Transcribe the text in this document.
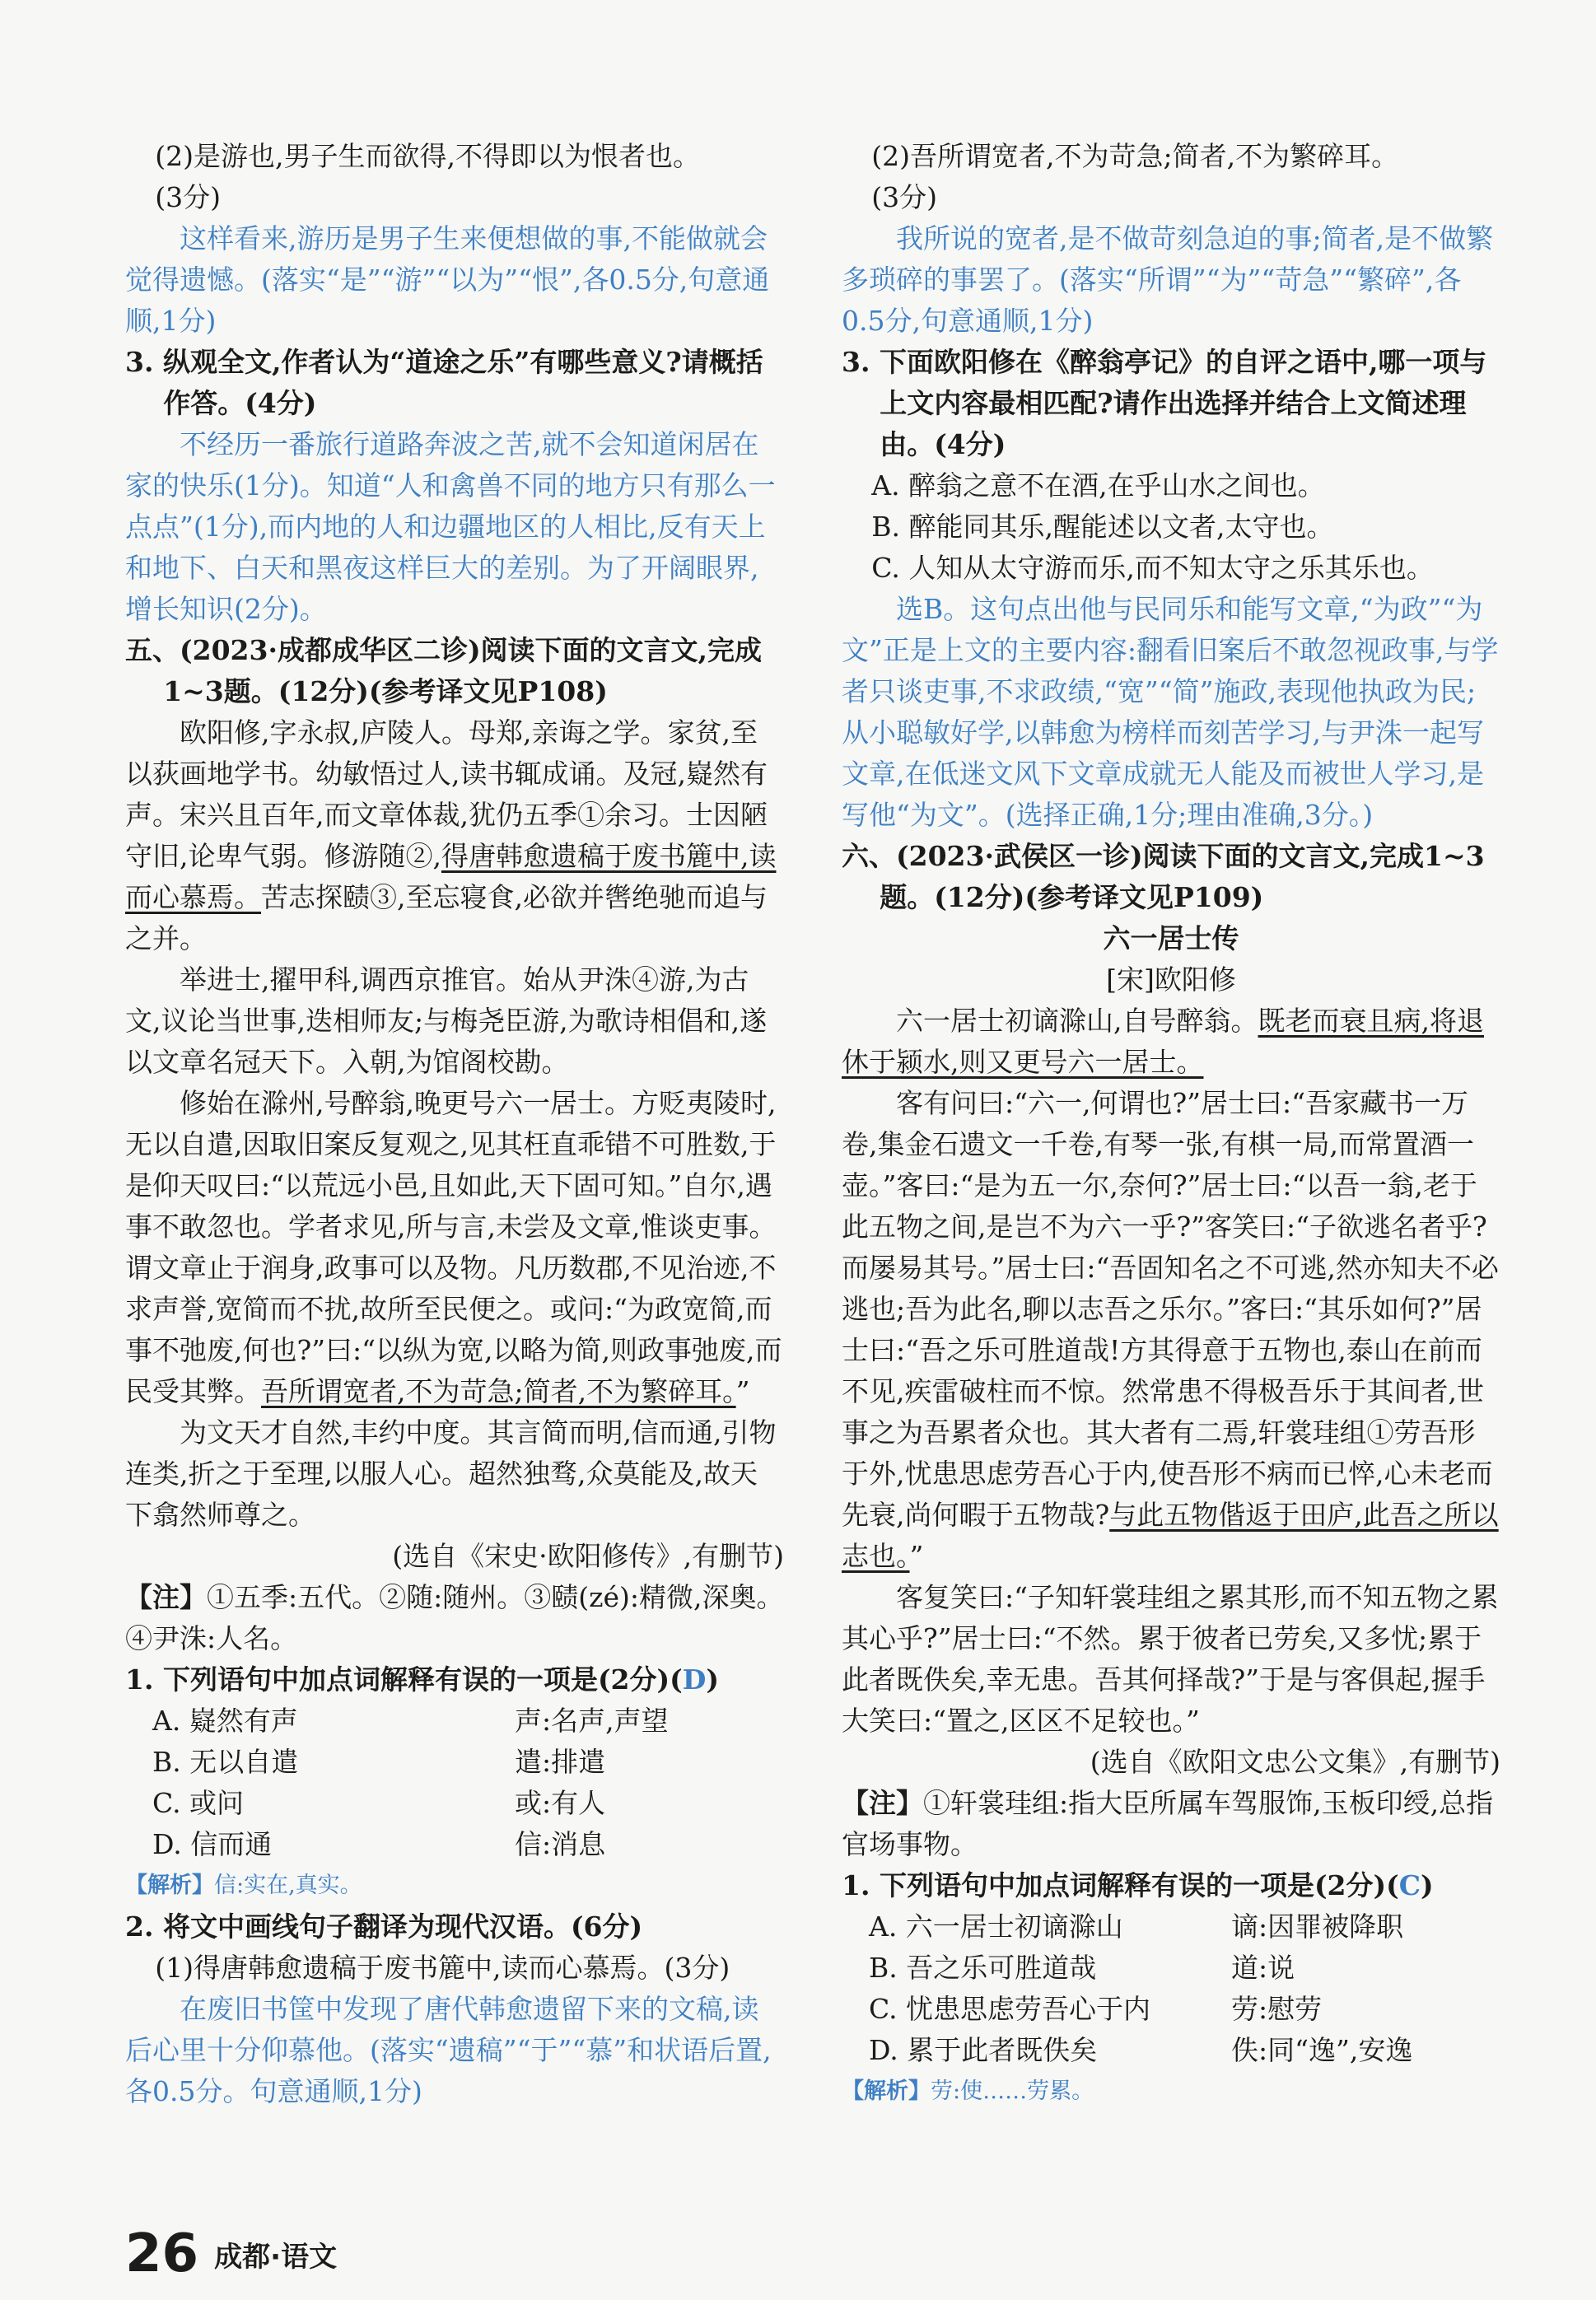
(2)是游也,男子生而欲得,不得即以为恨者也。

(3分)

这样看来,游历是男子生来便想做的事,不能做就会觉得遗憾。(落实“是”“游”“以为”“恨”,各0.5分,句意通顺,1分)

3. 纵观全文,作者认为“道途之乐”有哪些意义?请概括作答。(4分)

不经历一番旅行道路奔波之苦,就不会知道闲居在家的快乐(1分)。知道“人和禽兽不同的地方只有那么一点点”(1分),而内地的人和边疆地区的人相比,反有天上和地下、白天和黑夜这样巨大的差别。为了开阔眼界,增长知识(2分)。

五、(2023·成都成华区二诊)阅读下面的文言文,完成1~3题。(12分)(参考译文见P108)

欧阳修,字永叔,庐陵人。母郑,亲诲之学。家贫,至以荻画地学书。幼敏悟过人,读书辄成诵。及冠,嶷然有声。宋兴且百年,而文章体裁,犹仍五季①余习。士因陋守旧,论卑气弱。修游随②,得唐韩愈遗稿于废书簏中,读而心慕焉。苦志探赜③,至忘寝食,必欲并辔绝驰而追与之并。

举进士,擢甲科,调西京推官。始从尹洙④游,为古文,议论当世事,迭相师友;与梅尧臣游,为歌诗相倡和,遂以文章名冠天下。入朝,为馆阁校勘。

修始在滁州,号醉翁,晚更号六一居士。方贬夷陵时,无以自遣,因取旧案反复观之,见其枉直乖错不可胜数,于是仰天叹曰:“以荒远小邑,且如此,天下固可知。”自尔,遇事不敢忽也。学者求见,所与言,未尝及文章,惟谈吏事。谓文章止于润身,政事可以及物。凡历数郡,不见治迹,不求声誉,宽简而不扰,故所至民便之。或问:“为政宽简,而事不弛废,何也?”曰:“以纵为宽,以略为简,则政事弛废,而民受其弊。吾所谓宽者,不为苛急;简者,不为繁碎耳。”

为文天才自然,丰约中度。其言简而明,信而通,引物连类,折之于至理,以服人心。超然独骛,众莫能及,故天下翕然师尊之。

(选自《宋史·欧阳修传》,有删节)

【注】①五季:五代。②随:随州。③赜(zé):精微,深奥。④尹洙:人名。

1. 下列语句中加点词解释有误的一项是(2分)(D)

A. 嶷然有声	声:名声,声望
B. 无以自遣	遣:排遣
C. 或问	或:有人
D. 信而通	信:消息

【解析】信:实在,真实。

2. 将文中画线句子翻译为现代汉语。(6分)

(1)得唐韩愈遗稿于废书簏中,读而心慕焉。(3分)

在废旧书筐中发现了唐代韩愈遗留下来的文稿,读后心里十分仰慕他。(落实“遗稿”“于”“慕”和状语后置,各0.5分。句意通顺,1分)

(2)吾所谓宽者,不为苛急;简者,不为繁碎耳。

(3分)

我所说的宽者,是不做苛刻急迫的事;简者,是不做繁多琐碎的事罢了。(落实“所谓”“为”“苛急”“繁碎”,各0.5分,句意通顺,1分)

3. 下面欧阳修在《醉翁亭记》的自评之语中,哪一项与上文内容最相匹配?请作出选择并结合上文简述理由。(4分)

A. 醉翁之意不在酒,在乎山水之间也。

B. 醉能同其乐,醒能述以文者,太守也。

C. 人知从太守游而乐,而不知太守之乐其乐也。

选B。这句点出他与民同乐和能写文章,“为政”“为文”正是上文的主要内容:翻看旧案后不敢忽视政事,与学者只谈吏事,不求政绩,“宽”“简”施政,表现他执政为民;从小聪敏好学,以韩愈为榜样而刻苦学习,与尹洙一起写文章,在低迷文风下文章成就无人能及而被世人学习,是写他“为文”。(选择正确,1分;理由准确,3分。)

六、(2023·武侯区一诊)阅读下面的文言文,完成1~3题。(12分)(参考译文见P109)

六一居士传

[宋]欧阳修

六一居士初谪滁山,自号醉翁。既老而衰且病,将退休于颍水,则又更号六一居士。

客有问曰:“六一,何谓也?”居士曰:“吾家藏书一万卷,集金石遗文一千卷,有琴一张,有棋一局,而常置酒一壶。”客曰:“是为五一尔,奈何?”居士曰:“以吾一翁,老于此五物之间,是岂不为六一乎?”客笑曰:“子欲逃名者乎?而屡易其号。”居士曰:“吾固知名之不可逃,然亦知夫不必逃也;吾为此名,聊以志吾之乐尔。”客曰:“其乐如何?”居士曰:“吾之乐可胜道哉!方其得意于五物也,泰山在前而不见,疾雷破柱而不惊。然常患不得极吾乐于其间者,世事之为吾累者众也。其大者有二焉,轩裳珪组①劳吾形于外,忧患思虑劳吾心于内,使吾形不病而已悴,心未老而先衰,尚何暇于五物哉?与此五物偕返于田庐,此吾之所以志也。”

客复笑曰:“子知轩裳珪组之累其形,而不知五物之累其心乎?”居士曰:“不然。累于彼者已劳矣,又多忧;累于此者既佚矣,幸无患。吾其何择哉?”于是与客俱起,握手大笑曰:“置之,区区不足较也。”

(选自《欧阳文忠公文集》,有删节)

【注】①轩裳珪组:指大臣所属车驾服饰,玉板印绶,总指官场事物。

1. 下列语句中加点词解释有误的一项是(2分)(C)

A. 六一居士初谪滁山	谪:因罪被降职
B. 吾之乐可胜道哉	道:说
C. 忧患思虑劳吾心于内	劳:慰劳
D. 累于此者既佚矣	佚:同“逸”,安逸

【解析】劳:使……劳累。

26 成都·语文
